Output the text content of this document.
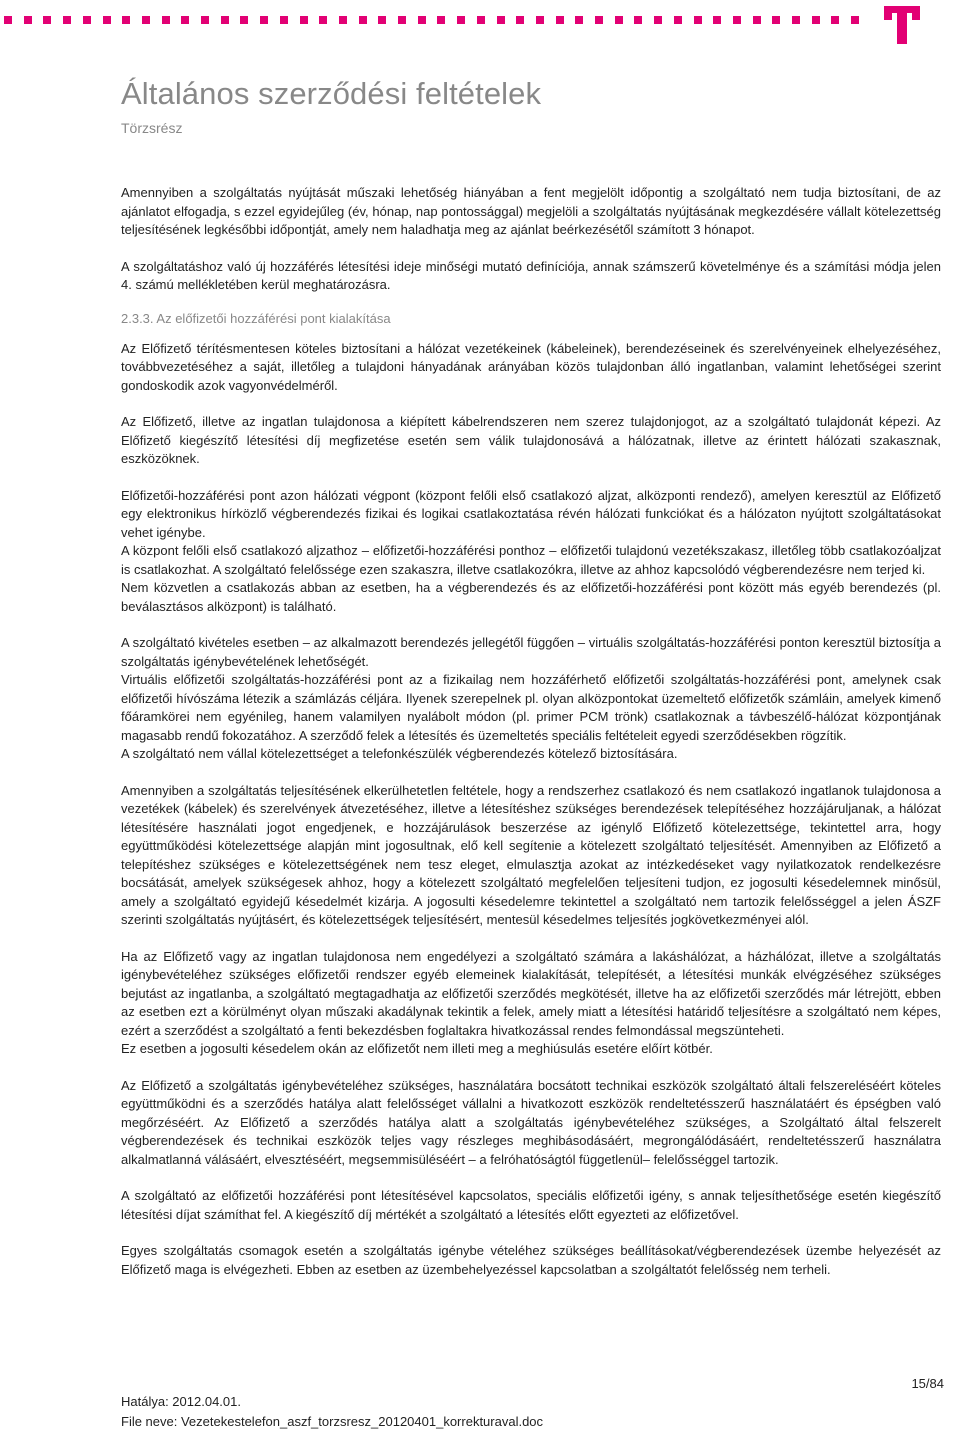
Általános szerződési feltételek
Törzsrész

Amennyiben a szolgáltatás nyújtását műszaki lehetőség hiányában a fent megjelölt időpontig a szolgáltató nem tudja biztosítani, de az ajánlatot elfogadja, s ezzel egyidejűleg (év, hónap, nap pontossággal) megjelöli a szolgáltatás nyújtásának megkezdésére vállalt kötelezettség teljesítésének legkésőbbi időpontját, amely nem haladhatja meg az ajánlat beérkezésétől számított 3 hónapot.

A szolgáltatáshoz való új hozzáférés létesítési ideje minőségi mutató definíciója, annak számszerű követelménye és a számítási módja jelen 4. számú mellékletében kerül meghatározásra.

2.3.3. Az előfizetői hozzáférési pont kialakítása

Az Előfizető térítésmentesen köteles biztosítani a hálózat vezetékeinek (kábeleinek), berendezéseinek és szerelvényeinek elhelyezéséhez, továbbvezetéséhez a saját, illetőleg a tulajdoni hányadának arányában közös tulajdonban álló ingatlanban, valamint lehetőségei szerint gondoskodik azok vagyonvédelméről.

Az Előfizető, illetve az ingatlan tulajdonosa a kiépített kábelrendszeren nem szerez tulajdonjogot, az a szolgáltató tulajdonát képezi. Az Előfizető kiegészítő létesítési díj megfizetése esetén sem válik tulajdonosává a hálózatnak, illetve az érintett hálózati szakasznak, eszközöknek.

Előfizetői-hozzáférési pont azon hálózati végpont (központ felőli első csatlakozó aljzat, alközponti rendező), amelyen keresztül az Előfizető egy elektronikus hírközlő végberendezés fizikai és logikai csatlakoztatása révén hálózati funkciókat és a hálózaton nyújtott szolgáltatásokat vehet igénybe.

A központ felőli első csatlakozó aljzathoz – előfizetői-hozzáférési ponthoz – előfizetői tulajdonú vezetékszakasz, illetőleg több csatlakozóaljzat is csatlakozhat. A szolgáltató felelőssége ezen szakaszra, illetve csatlakozókra, illetve az ahhoz kapcsolódó végberendezésre nem terjed ki.

Nem közvetlen a csatlakozás abban az esetben, ha a végberendezés és az előfizetői-hozzáférési pont között más egyéb berendezés (pl. beválasztásos alközpont) is található.

A szolgáltató kivételes esetben – az alkalmazott berendezés jellegétől függően – virtuális szolgáltatás-hozzáférési ponton keresztül biztosítja a szolgáltatás igénybevételének lehetőségét.

Virtuális előfizetői szolgáltatás-hozzáférési pont az a fizikailag nem hozzáférhető előfizetői szolgáltatás-hozzáférési pont, amelynek csak előfizetői hívószáma létezik a számlázás céljára. Ilyenek szerepelnek pl. olyan alközpontokat üzemeltető előfizetők számláin, amelyek kimenő főáramkörei nem egyénileg, hanem valamilyen nyalábolt módon (pl. primer PCM trönk) csatlakoznak a távbeszélő-hálózat központjának magasabb rendű fokozatához. A szerződő felek a létesítés és üzemeltetés speciális feltételeit egyedi szerződésekben rögzítik.

A szolgáltató nem vállal kötelezettséget a telefonkészülék végberendezés kötelező biztosítására.

Amennyiben a szolgáltatás teljesítésének elkerülhetetlen feltétele, hogy a rendszerhez csatlakozó és nem csatlakozó ingatlanok tulajdonosa a vezetékek (kábelek) és szerelvények átvezetéséhez, illetve a létesítéshez szükséges berendezések telepítéséhez hozzájáruljanak, a hálózat létesítésére használati jogot engedjenek, e hozzájárulások beszerzése az igénylő Előfizető kötelezettsége, tekintettel arra, hogy együttműködési kötelezettsége alapján mint jogosultnak, elő kell segítenie a kötelezett szolgáltató teljesítését. Amennyiben az Előfizető a telepítéshez szükséges e kötelezettségének nem tesz eleget, elmulasztja azokat az intézkedéseket vagy nyilatkozatok rendelkezésre bocsátását, amelyek szükségesek ahhoz, hogy a kötelezett szolgáltató megfelelően teljesíteni tudjon, ez jogosulti késedelemnek minősül, amely a szolgáltató egyidejű késedelmét kizárja. A jogosulti késedelemre tekintettel a szolgáltató nem tartozik felelősséggel a jelen ÁSZF szerinti szolgáltatás nyújtásért, és kötelezettségek teljesítésért, mentesül késedelmes teljesítés jogkövetkezményei alól.

Ha az Előfizető vagy az ingatlan tulajdonosa nem engedélyezi a szolgáltató számára a lakáshálózat, a házhálózat, illetve a szolgáltatás igénybevételéhez szükséges előfizetői rendszer egyéb elemeinek kialakítását, telepítését, a létesítési munkák elvégzéséhez szükséges bejutást az ingatlanba, a szolgáltató megtagadhatja az előfizetői szerződés megkötését, illetve ha az előfizetői szerződés már létrejött, ebben az esetben ezt a körülményt olyan műszaki akadálynak tekintik a felek, amely miatt a létesítési határidő teljesítésre a szolgáltató nem képes, ezért a szerződést a szolgáltató a fenti bekezdésben foglaltakra hivatkozással rendes felmondással megszünteheti.

Ez esetben a jogosulti késedelem okán az előfizetőt nem illeti meg a meghiúsulás esetére előírt kötbér.

Az Előfizető a szolgáltatás igénybevételéhez szükséges, használatára bocsátott technikai eszközök szolgáltató általi felszereléséért köteles együttműködni és a szerződés hatálya alatt felelősséget vállalni a hivatkozott eszközök rendeltetésszerű használatáért és épségben való megőrzéséért. Az Előfizető a szerződés hatálya alatt a szolgáltatás igénybevételéhez szükséges, a Szolgáltató által felszerelt végberendezések és technikai eszközök teljes vagy részleges meghibásodásáért, megrongálódásáért, rendeltetésszerű használatra alkalmatlanná válásáért, elvesztéséért, megsemmisüléséért – a felróhatóságtól függetlenül– felelősséggel tartozik.

A szolgáltató az előfizetői hozzáférési pont létesítésével kapcsolatos, speciális előfizetői igény, s annak teljesíthetősége esetén kiegészítő létesítési díjat számíthat fel. A kiegészítő díj mértékét a szolgáltató a létesítés előtt egyezteti az előfizetővel.

Egyes szolgáltatás csomagok esetén a szolgáltatás igénybe vételéhez szükséges beállításokat/végberendezések üzembe helyezését az Előfizető maga is elvégezheti. Ebben az esetben az üzembehelyezéssel kapcsolatban a szolgáltatót felelősség nem terheli.

15/84
Hatálya: 2012.04.01.
File neve: Vezetekestelefon_aszf_torzsresz_20120401_korrekturaval.doc
